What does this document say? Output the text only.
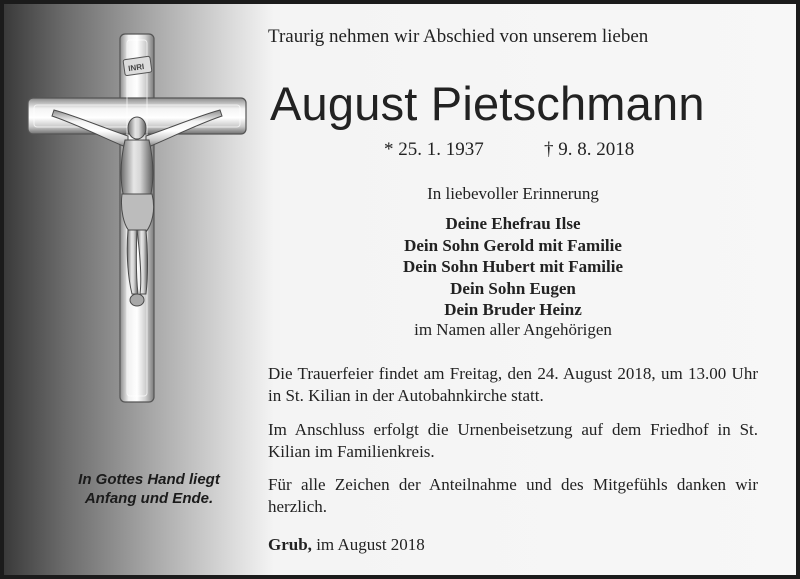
INRI
In Gottes Hand liegt
Anfang und Ende.
Traurig nehmen wir Abschied von unserem lieben
August Pietschmann
* 25. 1. 1937	† 9. 8. 2018
In liebevoller Erinnerung
Deine Ehefrau Ilse
Dein Sohn Gerold mit Familie
Dein Sohn Hubert mit Familie
Dein Sohn Eugen
Dein Bruder Heinz
im Namen aller Angehörigen
Die Trauerfeier findet am Freitag, den 24. August 2018, um 13.00 Uhr in St. Kilian in der Autobahnkirche statt.
Im Anschluss erfolgt die Urnenbeisetzung auf dem Friedhof in St. Kilian im Familienkreis.
Für alle Zeichen der Anteilnahme und des Mitgefühls danken wir herzlich.
Grub, im August 2018
